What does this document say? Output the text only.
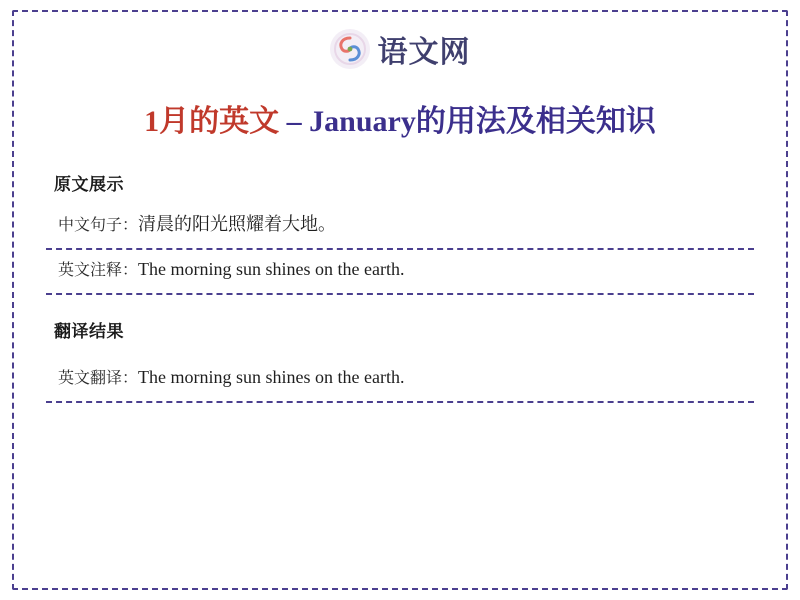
语文网
1月的英文 – January的用法及相关知识
原文展示
中文句子：清晨的阳光照耀着大地。
英文注释：The morning sun shines on the earth.
翻译结果
英文翻译：The morning sun shines on the earth.
